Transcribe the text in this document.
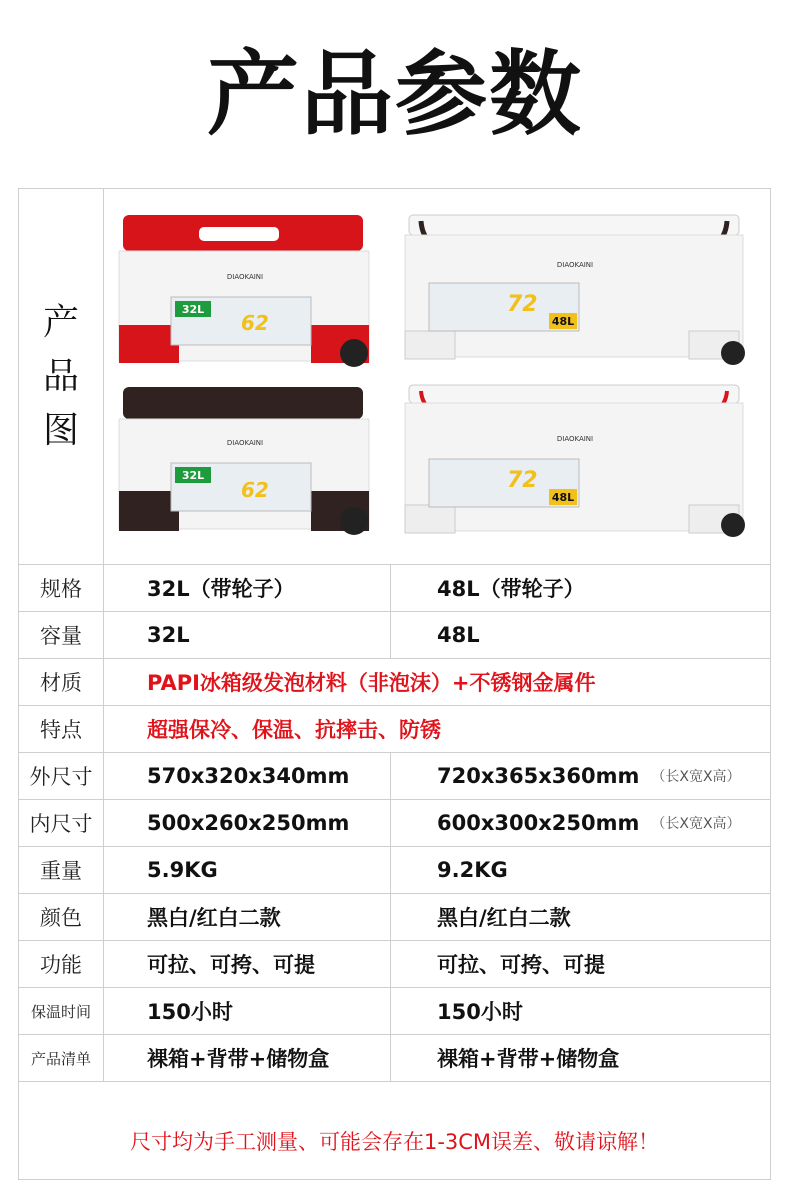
产品参数
产
品
图
32L
62
DIAOKAINI
32L
62
DIAOKAINI
48L
72
DIAOKAINI
48L
72
DIAOKAINI
规格	32L（带轮子）	48L（带轮子）
容量	32L	48L
材质	PAPI冰箱级发泡材料（非泡沫）+不锈钢金属件
特点	超强保冷、保温、抗摔击、防锈
外尺寸	570x320x340mm	720x365x360mm （长X宽X高）
内尺寸	500x260x250mm	600x300x250mm （长X宽X高）
重量	5.9KG	9.2KG
颜色	黑白/红白二款	黑白/红白二款
功能	可拉、可挎、可提	可拉、可挎、可提
保温时间	150小时	150小时
产品清单	裸箱+背带+储物盒	裸箱+背带+储物盒
尺寸均为手工测量、可能会存在1-3CM误差、敬请谅解！
